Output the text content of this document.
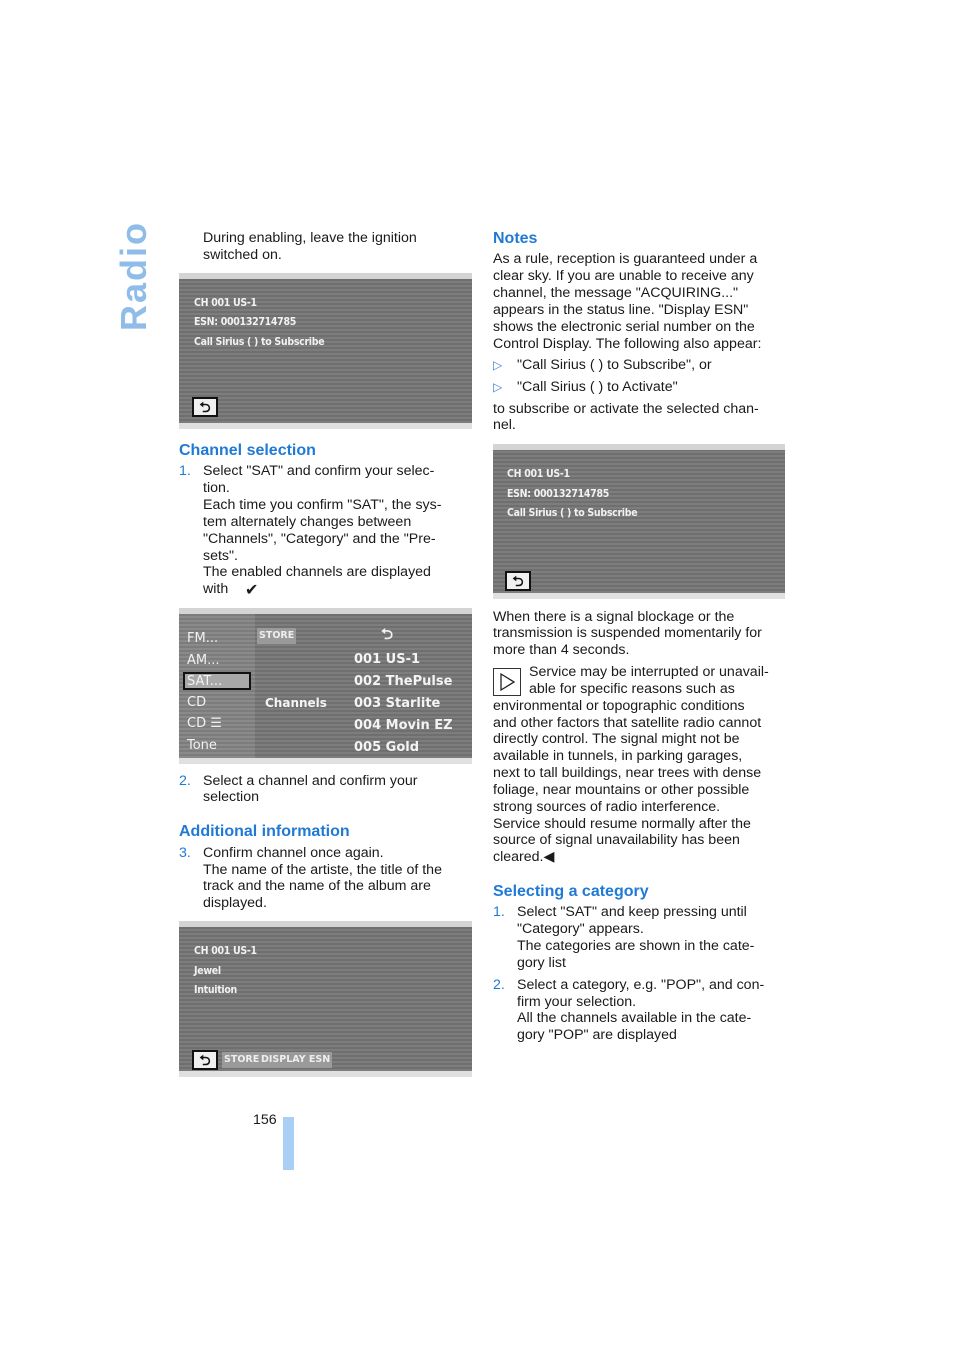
Radio	During enabling, leave the ignition

switched on.

CH 001 US-1
ESN: 000132714785
Call Sirius ( ) to Subscribe
⮌
Channel selection
1. Select "SAT" and confirm your selec-

tion.

Each time you confirm "SAT", the sys-

tem alternately changes between

"Channels", "Category" and the "Pre-

sets".

The enabled channels are displayed

with ✔
FM...
AM...
SAT...
CD
CD ☰
Tone
STORE	⮌
Channels
001 US-1
002 ThePulse
003 Starlite
004 Movin EZ
005 Gold
2. Select a channel and confirm your

selection

Additional information
3. Confirm channel once again.

The name of the artiste, the title of the

track and the name of the album are

displayed.

CH 001 US-1
Jewel
Intuition
⮌	STORE DISPLAY ESN

156

Notes

As a rule, reception is guaranteed under a

clear sky. If you are unable to receive any

channel, the message "ACQUIRING..."

appears in the status line. "Display ESN"

shows the electronic serial number on the

Control Display. The following also appear:

▷ "Call Sirius ( ) to Subscribe", or

▷ "Call Sirius ( ) to Activate"

to subscribe or activate the selected chan-

nel.

CH 001 US-1
ESN: 000132714785
Call Sirius ( ) to Subscribe
⮌

When there is a signal blockage or the

transmission is suspended momentarily for

more than 4 seconds.

Service may be interrupted or unavail-

able for specific reasons such as

environmental or topographic conditions

and other factors that satellite radio cannot

directly control. The signal might not be

available in tunnels, in parking garages,

next to tall buildings, near trees with dense

foliage, near mountains or other possible

strong sources of radio interference.

Service should resume normally after the

source of signal unavailability has been

cleared.◀

Selecting a category
1. Select "SAT" and keep pressing until

"Category" appears.

The categories are shown in the cate-

gory list

2. Select a category, e.g. "POP", and con-

firm your selection.

All the channels available in the cate-

gory "POP" are displayed
